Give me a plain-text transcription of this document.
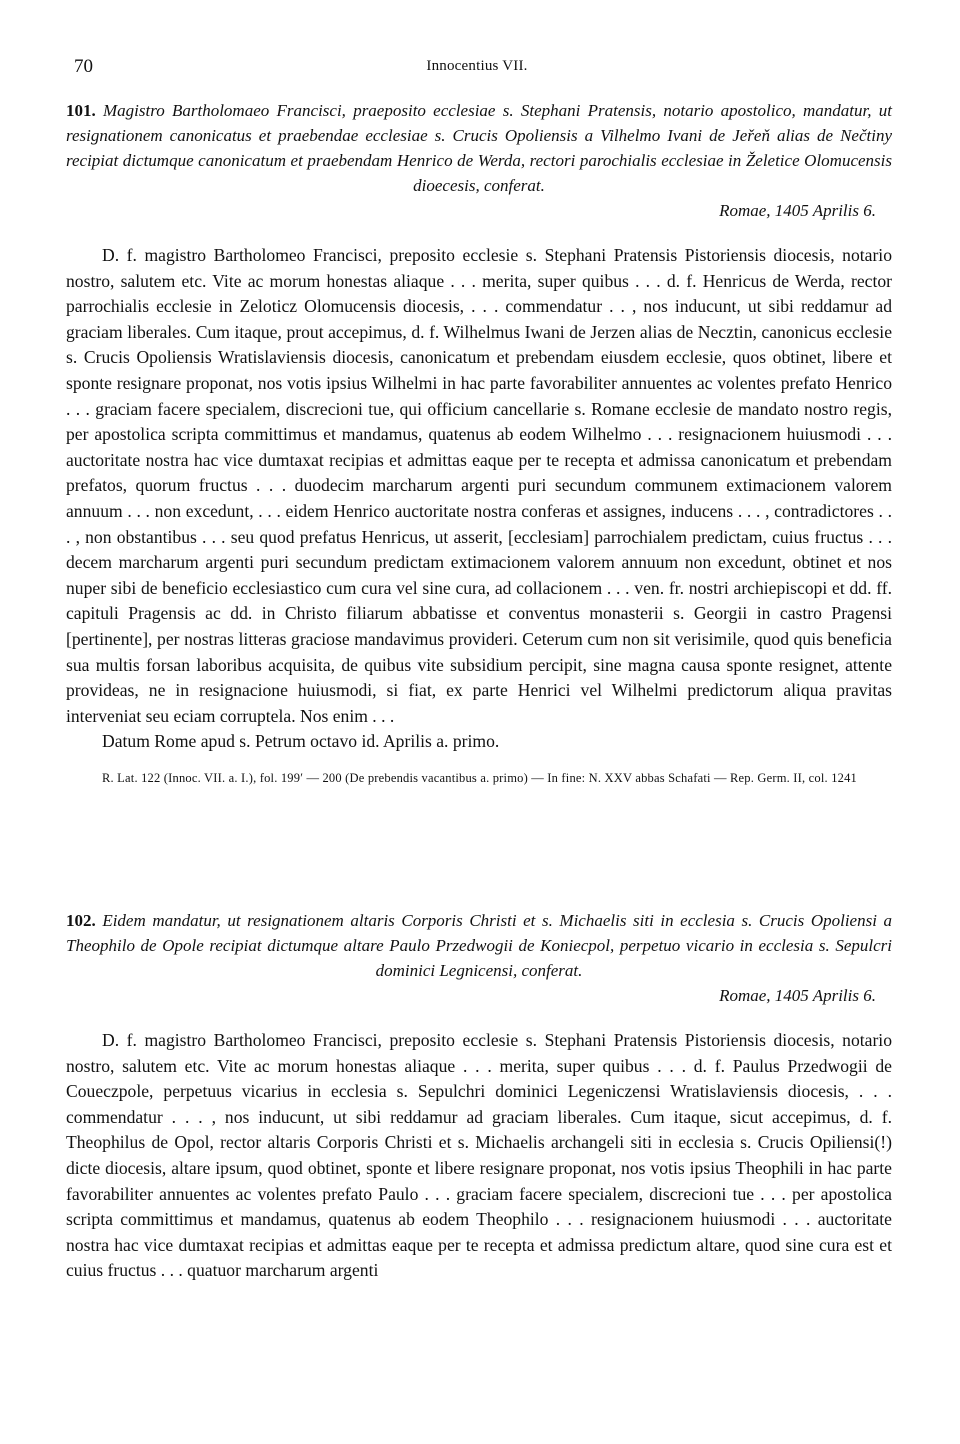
70	Innocentius VII.
101. Magistro Bartholomaeo Francisci, praeposito ecclesiae s. Stephani Pratensis, notario apostolico, mandatur, ut resignationem canonicatus et praebendae ecclesiae s. Crucis Opoliensis a Vilhelmo Ivani de Jeřeň alias de Nečtiny recipiat dictumque canonicatum et praebendam Henrico de Werda, rectori parochialis ecclesiae in Želetice Olomucensis dioecesis, conferat.
Romae, 1405 Aprilis 6.
D. f. magistro Bartholomeo Francisci, preposito ecclesie s. Stephani Pratensis Pistoriensis diocesis, notario nostro, salutem etc. Vite ac morum honestas aliaque . . . merita, super quibus . . . d. f. Henricus de Werda, rector parrochialis ecclesie in Zeloticz Olomucensis diocesis, . . . commendatur . . , nos inducunt, ut sibi reddamur ad graciam liberales. Cum itaque, prout accepimus, d. f. Wilhelmus Iwani de Jerzen alias de Necztin, canonicus ecclesie s. Crucis Opoliensis Wratislaviensis diocesis, canonicatum et prebendam eiusdem ecclesie, quos obtinet, libere et sponte resignare proponat, nos votis ipsius Wilhelmi in hac parte favorabiliter annuentes ac volentes prefato Henrico . . . graciam facere specialem, discrecioni tue, qui officium cancellarie s. Romane ecclesie de mandato nostro regis, per apostolica scripta committimus et mandamus, quatenus ab eodem Wilhelmo . . . resignacionem huiusmodi . . . auctoritate nostra hac vice dumtaxat recipias et admittas eaque per te recepta et admissa canonicatum et prebendam prefatos, quorum fructus . . . duodecim marcharum argenti puri secundum communem extimacionem valorem annuum . . . non excedunt, . . . eidem Henrico auctoritate nostra conferas et assignes, inducens . . . , contradictores . . . , non obstantibus . . . seu quod prefatus Henricus, ut asserit, [ecclesiam] parrochialem predictam, cuius fructus . . . decem marcharum argenti puri secundum predictam extimacionem valorem annuum non excedunt, obtinet et nos nuper sibi de beneficio ecclesiastico cum cura vel sine cura, ad collacionem . . . ven. fr. nostri archiepiscopi et dd. ff. capituli Pragensis ac dd. in Christo filiarum abbatisse et conventus monasterii s. Georgii in castro Pragensi [pertinente], per nostras litteras graciose mandavimus provideri. Ceterum cum non sit verisimile, quod quis beneficia sua multis forsan laboribus acquisita, de quibus vite subsidium percipit, sine magna causa sponte resignet, attente provideas, ne in resignacione huiusmodi, si fiat, ex parte Henrici vel Wilhelmi predictorum aliqua pravitas interveniat seu eciam corruptela. Nos enim . . .
Datum Rome apud s. Petrum octavo id. Aprilis a. primo.
R. Lat. 122 (Innoc. VII. a. I.), fol. 199′ — 200 (De prebendis vacantibus a. primo) — In fine: N. XXV abbas Schafati — Rep. Germ. II, col. 1241
102. Eidem mandatur, ut resignationem altaris Corporis Christi et s. Michaelis siti in ecclesia s. Crucis Opoliensi a Theophilo de Opole recipiat dictumque altare Paulo Przedwogii de Koniecpol, perpetuo vicario in ecclesia s. Sepulcri dominici Legnicensi, conferat.
Romae, 1405 Aprilis 6.
D. f. magistro Bartholomeo Francisci, preposito ecclesie s. Stephani Pratensis Pistoriensis diocesis, notario nostro, salutem etc. Vite ac morum honestas aliaque . . . merita, super quibus . . . d. f. Paulus Przedwogii de Coueczpole, perpetuus vicarius in ecclesia s. Sepulchri dominici Legeniczensi Wratislaviensis diocesis, . . . commendatur . . . , nos inducunt, ut sibi reddamur ad graciam liberales. Cum itaque, sicut accepimus, d. f. Theophilus de Opol, rector altaris Corporis Christi et s. Michaelis archangeli siti in ecclesia s. Crucis Opiliensi(!) dicte diocesis, altare ipsum, quod obtinet, sponte et libere resignare proponat, nos votis ipsius Theophili in hac parte favorabiliter annuentes ac volentes prefato Paulo . . . graciam facere specialem, discrecioni tue . . . per apostolica scripta committimus et mandamus, quatenus ab eodem Theophilo . . . resignacionem huiusmodi . . . auctoritate nostra hac vice dumtaxat recipias et admittas eaque per te recepta et admissa predictum altare, quod sine cura est et cuius fructus . . . quatuor marcharum argenti
